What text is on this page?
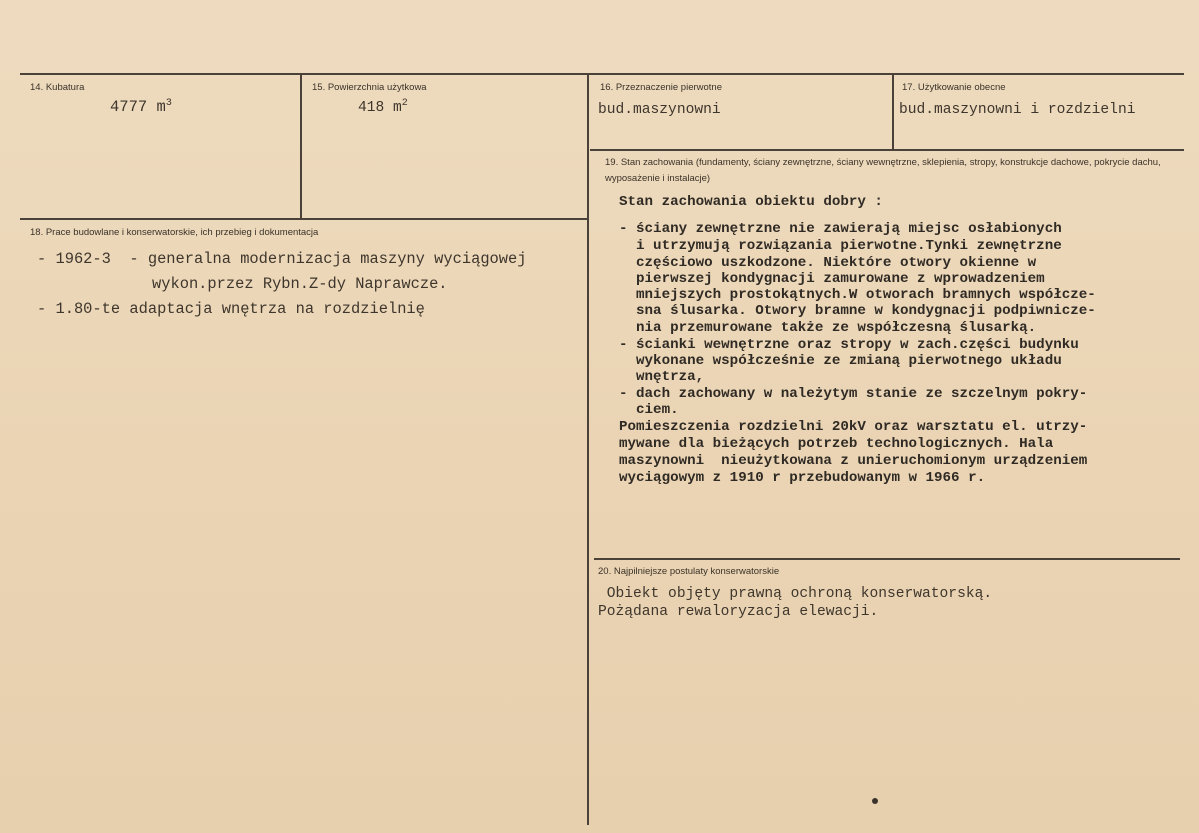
14. Kubatura
4777 $m^3$
15. Powierzchnia użytkowa
418 $m^2$
16. Przeznaczenie pierwotne
bud.maszynowni
17. Użytkowanie obecne
bud.maszynowni i rozdzielni
18. Prace budowlane i konserwatorskie, ich przebieg i dokumentacja
- 1962-3  - generalna modernizacja maszyny wyciągowej
wykon.przez Rybn.Z-dy Naprawcze.
- 1.80-te adaptacja wnętrza na rozdzielnię
19. Stan zachowania (fundamenty, ściany zewnętrzne, ściany wewnętrzne, sklepienia, stropy, konstrukcje dachowe, pokrycie dachu, wyposażenie i instalacje)
Stan zachowania obiektu dobry :
- ściany zewnętrzne nie zawierają miejsc osłabionych
i utrzymują rozwiązania pierwotne.Tynki zewnętrzne
częściowo uszkodzone. Niektóre otwory okienne w
pierwszej kondygnacji zamurowane z wprowadzeniem
mniejszych prostokątnych.W otworach bramnych współcze-
sna ślusarka. Otwory bramne w kondygnacji podpiwnicze-
nia przemurowane także ze współczesną ślusarką.
- ścianki wewnętrzne oraz stropy w zach.części budynku
wykonane współcześnie ze zmianą pierwotnego układu
wnętrza,
- dach zachowany w należytym stanie ze szczelnym pokry-
ciem.
Pomieszczenia rozdzielni 20kV oraz warsztatu el. utrzy-
mywane dla bieżących potrzeb technologicznych. Hala
maszynowni  nieużytkowana z unieruchomionym urządzeniem
wyciągowym z 1910 r przebudowanym w 1966 r.
20. Najpilniejsze postulaty konserwatorskie
Obiekt objęty prawną ochroną konserwatorską.
Pożądana rewaloryzacja elewacji.
